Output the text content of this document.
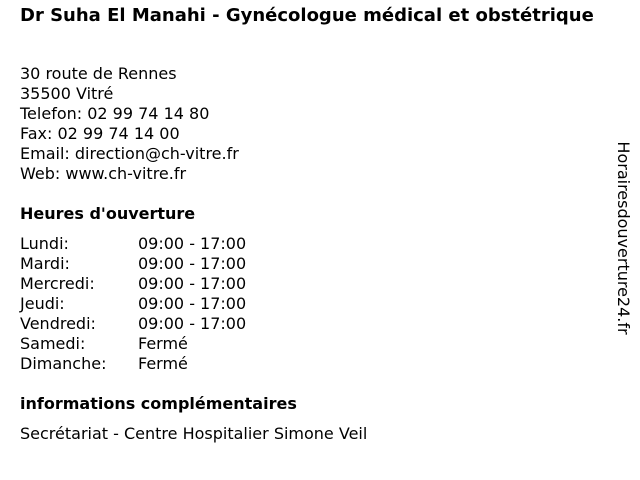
Dr Suha El Manahi - Gynécologue médical et obstétrique
30 route de Rennes
35500 Vitré
Telefon: 02 99 74 14 80
Fax: 02 99 74 14 00
Email: direction@ch-vitre.fr
Web: www.ch-vitre.fr
Heures d'ouverture
Lundi:	09:00 - 17:00
Mardi:	09:00 - 17:00
Mercredi:	09:00 - 17:00
Jeudi:	09:00 - 17:00
Vendredi:	09:00 - 17:00
Samedi:	Fermé
Dimanche:	Fermé
informations complémentaires
Secrétariat - Centre Hospitalier Simone Veil
Horairesdouverture24.fr
